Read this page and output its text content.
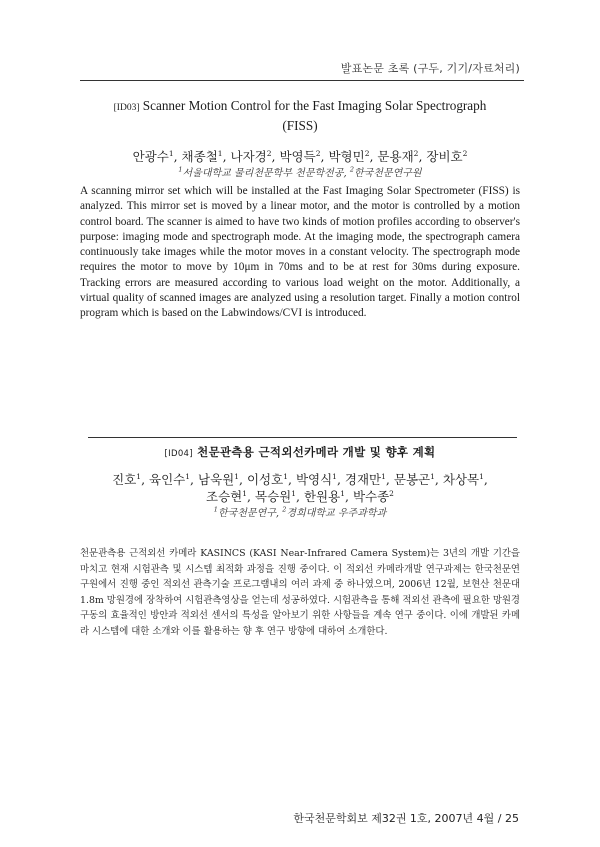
발표논문 초록 (구두, 기기/자료처리)
[ID03] Scanner Motion Control for the Fast Imaging Solar Spectrograph
(FISS)
안광수$^1$, 채종철$^1$, 나자경$^2$, 박영득$^2$, 박형민$^2$, 문용재$^2$, 장비호$^2$
$^1$서울대학교 물리천문학부 천문학전공, $^2$한국천문연구원

A scanning mirror set which will be installed at the Fast Imaging Solar Spectrometer (FISS) is analyzed. This mirror set is moved by a linear motor, and the motor is controlled by a motion control board. The scanner is aimed to have two kinds of motion profiles according to observer's purpose: imaging mode and spectrograph mode. At the imaging mode, the spectrograph camera continuously take images while the motor moves in a constant velocity. The spectrograph mode requires the motor to move by 10μm in 70ms and to be at rest for 30ms during exposure. Tracking errors are measured according to various load weight on the motor. Additionally, a virtual quality of scanned images are analyzed using a resolution target. Finally a motion control program which is based on the Labwindows/CVI is introduced.

[ID04] 천문관측용 근적외선카메라 개발 및 향후 계획
진호$^1$, 육인수$^1$, 남욱원$^1$, 이성호$^1$, 박영식$^1$, 경재만$^1$, 문봉곤$^1$, 차상목$^1$,
조승현$^1$, 목승원$^1$, 한원용$^1$, 박수종$^2$
$^1$한국천문연구, $^2$경희대학교 우주과학과

천문관측용 근적외선 카메라 KASINCS (KASI Near-Infrared Camera System)는 3년의 개발 기간을 마치고 현재 시험관측 및 시스템 최적화 과정을 진행 중이다. 이 적외선 카메라개발 연구과제는 한국천문연구원에서 진행 중인 적외선 관측기술 프로그램내의 여러 과제 중 하나였으며, 2006년 12월, 보현산 천문대 1.8m 망원경에 장착하여 시험관측영상을 얻는데 성공하였다. 시험관측을 통해 적외선 관측에 필요한 망원경 구동의 효율적인 방안과 적외선 센서의 특성을 알아보기 위한 사항들을 계속 연구 중이다. 이에 개발된 카메라 시스템에 대한 소개와 이를 활용하는 향 후 연구 방향에 대하여 소개한다.

한국천문학회보 제32권 1호, 2007년 4월 / 25
